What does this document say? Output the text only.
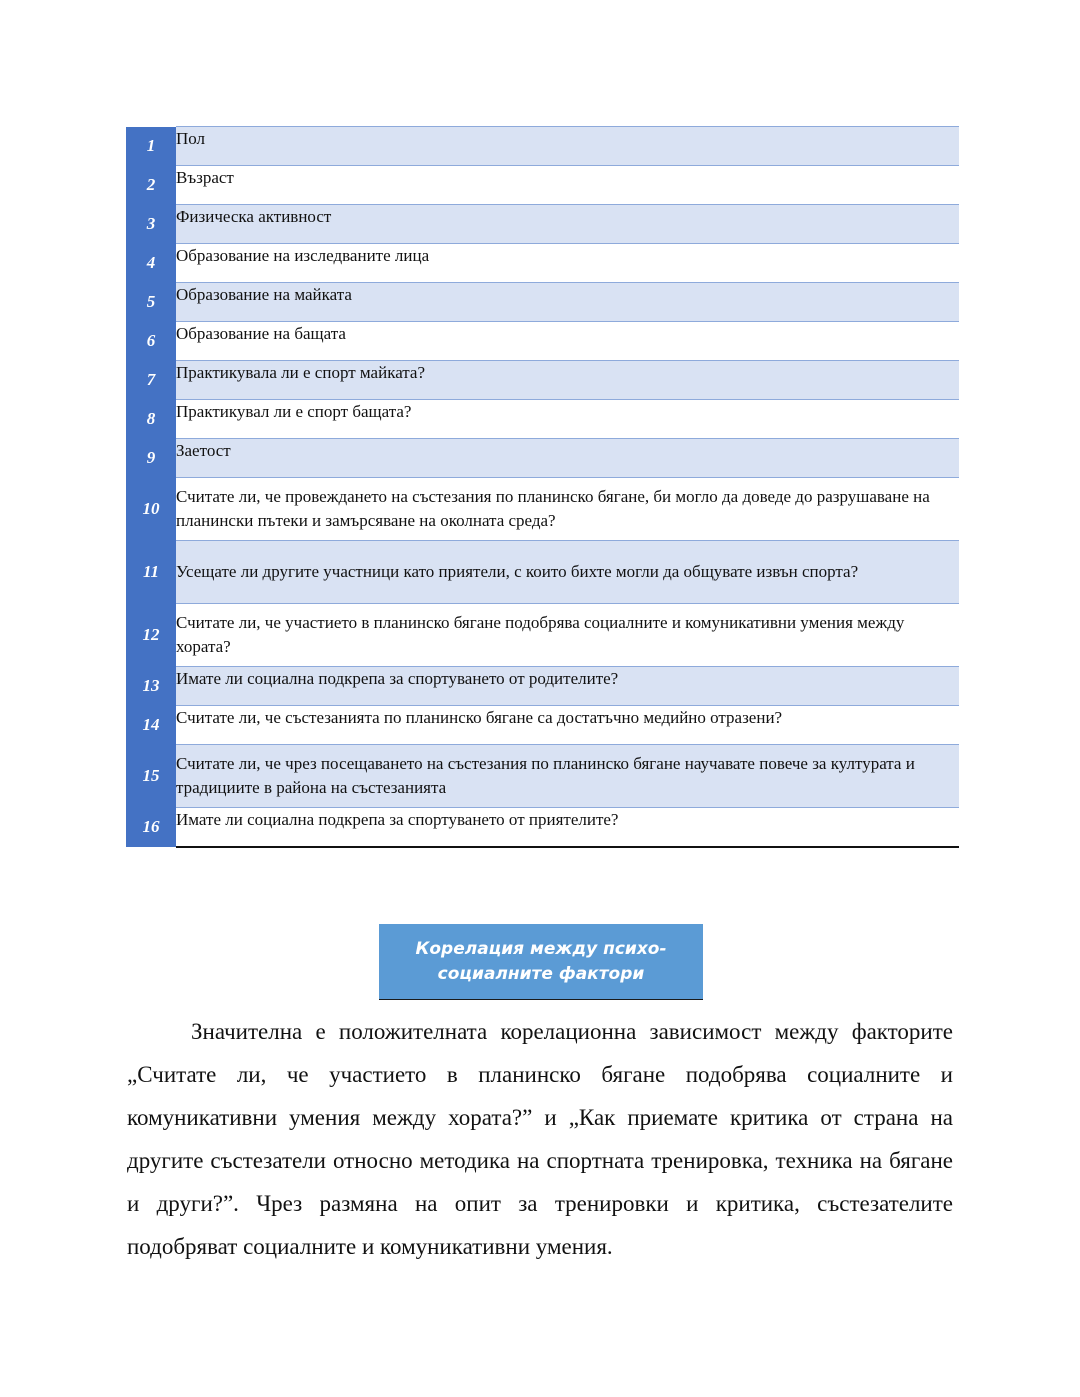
1	Пол
2	Възраст
3	Физическа активност
4	Образование на изследваните лица
5	Образование на майката
6	Образование на бащата
7	Практикувала ли е спорт майката?
8	Практикувал ли е спорт бащата?
9	Заетост
10	Считате ли, че провеждането на състезания по планинско бягане, би могло да доведе до разрушаване на планински пътеки и замърсяване на околната среда?
11	Усещате ли другите участници като приятели, с които бихте могли да общувате извън спорта?
12	Считате ли, че участието в планинско бягане подобрява социалните и комуникативни умения между хората?
13	Имате ли социална подкрепа за спортуването от родителите?
14	Считате ли, че състезанията по планинско бягане са достатъчно медийно отразени?
15	Считате ли, че чрез посещаването на състезания по планинско бягане научавате повече за културата и традициите в района на състезанията
16	Имате ли социална подкрепа за спортуването от приятелите?
Корелация между психо-
социалните фактори

Значителна е положителната корелационна зависимост между факторите „Считате ли, че участието в планинско бягане подобрява социалните и комуникативни умения между хората?” и „Как приемате критика от страна на другите състезатели относно методика на спортната тренировка, техника на бягане и други?”. Чрез размяна на опит за тренировки и критика, състезателите подобряват социалните и комуникативни умения.
